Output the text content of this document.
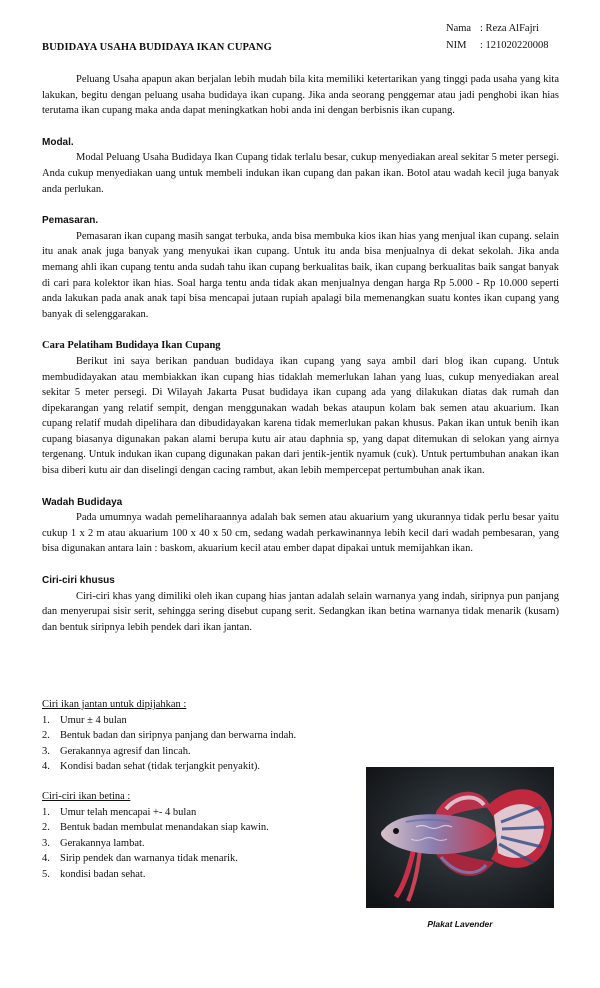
Nama : Reza AlFajri
NIM : 121020220008
BUDIDAYA USAHA BUDIDAYA IKAN CUPANG

Peluang Usaha apapun akan berjalan lebih mudah bila kita memiliki ketertarikan yang tinggi pada usaha yang kita lakukan, begitu dengan peluang usaha budidaya ikan cupang. Jika anda seorang penggemar atau jadi penghobi ikan hias terutama ikan cupang maka anda dapat meningkatkan hobi anda ini dengan berbisnis ikan cupang.

Modal.

Modal Peluang Usaha Budidaya Ikan Cupang tidak terlalu besar, cukup menyediakan areal sekitar 5 meter persegi. Anda cukup menyediakan uang untuk membeli indukan ikan cupang dan pakan ikan. Botol atau wadah kecil juga banyak anda perlukan.

Pemasaran.

Pemasaran ikan cupang masih sangat terbuka, anda bisa membuka kios ikan hias yang menjual ikan cupang. selain itu anak anak juga banyak yang menyukai ikan cupang. Untuk itu anda bisa menjualnya di dekat sekolah. Jika anda memang ahli ikan cupang tentu anda sudah tahu ikan cupang berkualitas baik, ikan cupang berkualitas baik sangat banyak di cari para kolektor ikan hias. Soal harga tentu anda tidak akan menjualnya dengan harga Rp 5.000 - Rp 10.000 seperti anda lakukan pada anak anak tapi bisa mencapai jutaan rupiah apalagi bila memenangkan suatu kontes ikan cupang yang banyak di selenggarakan.

Cara Pelatiham Budidaya Ikan Cupang

Berikut ini saya berikan panduan budidaya ikan cupang yang saya ambil dari blog ikan cupang. Untuk membudidayakan atau membiakkan ikan cupang hias tidaklah memerlukan lahan yang luas, cukup menyediakan areal sekitar 5 meter persegi. Di Wilayah Jakarta Pusat budidaya ikan cupang ada yang dilakukan diatas dak rumah dan dipekarangan yang relatif sempit, dengan menggunakan wadah bekas ataupun kolam bak semen atau akuarium. Ikan cupang relatif mudah dipelihara dan dibudidayakan karena tidak memerlukan pakan khusus. Pakan ikan untuk benih ikan cupang biasanya digunakan pakan alami berupa kutu air atau daphnia sp, yang dapat ditemukan di selokan yang airnya tergenang. Untuk indukan ikan cupang digunakan pakan dari jentik-jentik nyamuk (cuk). Untuk pertumbuhan anakan ikan bisa diberi kutu air dan diselingi dengan cacing rambut, akan lebih mempercepat pertumbuhan anak ikan.

Wadah Budidaya

Pada umumnya wadah pemeliharaannya adalah bak semen atau akuarium yang ukurannya tidak perlu besar yaitu cukup 1 x 2 m atau akuarium 100 x 40 x 50 cm, sedang wadah perkawinannya lebih kecil dari wadah pembesaran, yang bisa digunakan antara lain : baskom, akuarium kecil atau ember dapat dipakai untuk memijahkan ikan.

Ciri-ciri khusus

Ciri-ciri khas yang dimiliki oleh ikan cupang hias jantan adalah selain warnanya yang indah, siripnya pun panjang dan menyerupai sisir serit, sehingga sering disebut cupang serit. Sedangkan ikan betina warnanya tidak menarik (kusam) dan bentuk siripnya lebih pendek dari ikan jantan.

Ciri ikan jantan untuk dipijahkan :
1. Umur ± 4 bulan
2. Bentuk badan dan siripnya panjang dan berwarna indah.
3. Gerakannya agresif dan lincah.
4. Kondisi badan sehat (tidak terjangkit penyakit).
Ciri-ciri ikan betina :
1. Umur telah mencapai +- 4 bulan
2. Bentuk badan membulat menandakan siap kawin.
3. Gerakannya lambat.
4. Sirip pendek dan warnanya tidak menarik.
5. kondisi badan sehat.
Plakat Lavender
